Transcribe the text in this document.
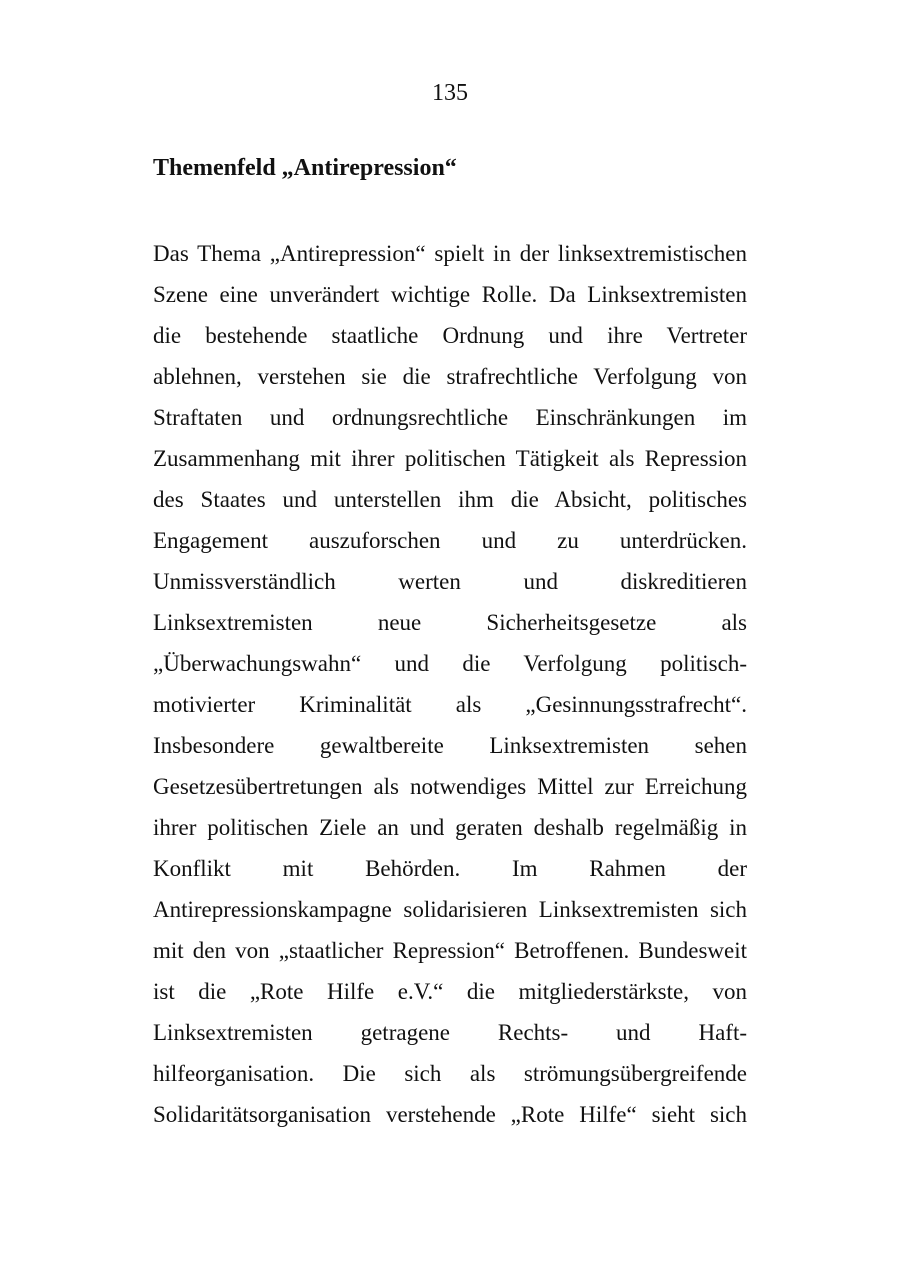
135
Themenfeld „Antirepression“
Das Thema „Antirepression“ spielt in der linksextremistischen
Szene eine unverändert wichtige Rolle. Da Linksextremisten
die bestehende staatliche Ordnung und ihre Vertreter
ablehnen, verstehen sie die strafrechtliche Verfolgung von
Straftaten und ordnungsrechtliche Einschränkungen im
Zusammenhang mit ihrer politischen Tätigkeit als Repression
des Staates und unterstellen ihm die Absicht, politisches
Engagement auszuforschen und zu unterdrücken.
Unmissverständlich werten und diskreditieren
Linksextremisten neue Sicherheitsgesetze als
„Überwachungswahn“ und die Verfolgung politisch-
motivierter Kriminalität als „Gesinnungsstrafrecht“.
Insbesondere gewaltbereite Linksextremisten sehen
Gesetzesübertretungen als notwendiges Mittel zur Erreichung
ihrer politischen Ziele an und geraten deshalb regelmäßig in
Konflikt mit Behörden. Im Rahmen der
Antirepressionskampagne solidarisieren Linksextremisten sich
mit den von „staatlicher Repression“ Betroffenen. Bundesweit
ist die „Rote Hilfe e.V.“ die mitgliederstärkste, von
Linksextremisten getragene Rechts- und Haft-
hilfeorganisation. Die sich als strömungsübergreifende
Solidaritätsorganisation verstehende „Rote Hilfe“ sieht sich
